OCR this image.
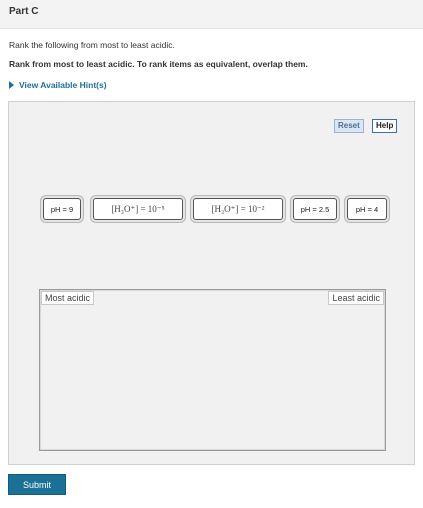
Part C
Rank the following from most to least acidic.
Rank from most to least acidic. To rank items as equivalent, overlap them.
View Available Hint(s)
Reset	Help
pH = 9	[H₃O⁺] = 10⁻⁵	[H₃O⁺] = 10⁻²	pH = 2.5	pH = 4
Most acidic	Least acidic
Submit
